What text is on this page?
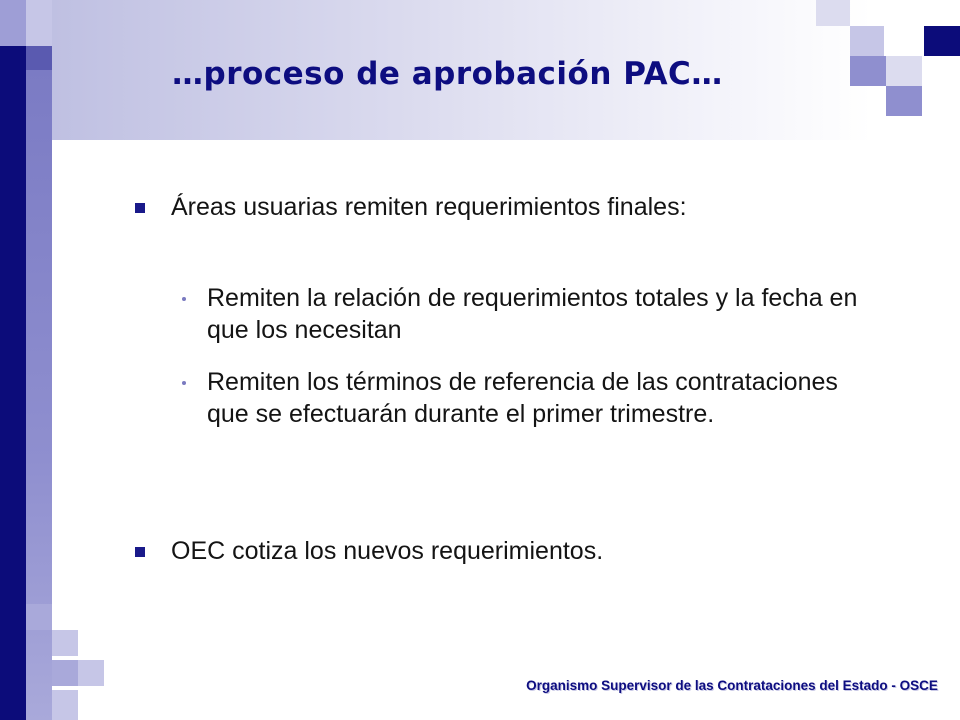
…proceso de aprobación PAC…
Áreas usuarias remiten requerimientos finales:
Remiten la relación de requerimientos totales y la fecha en que los necesitan
Remiten los términos de referencia de las contrataciones que se efectuarán durante el primer trimestre.
OEC cotiza los nuevos requerimientos.
Organismo Supervisor de las Contrataciones del Estado - OSCE
